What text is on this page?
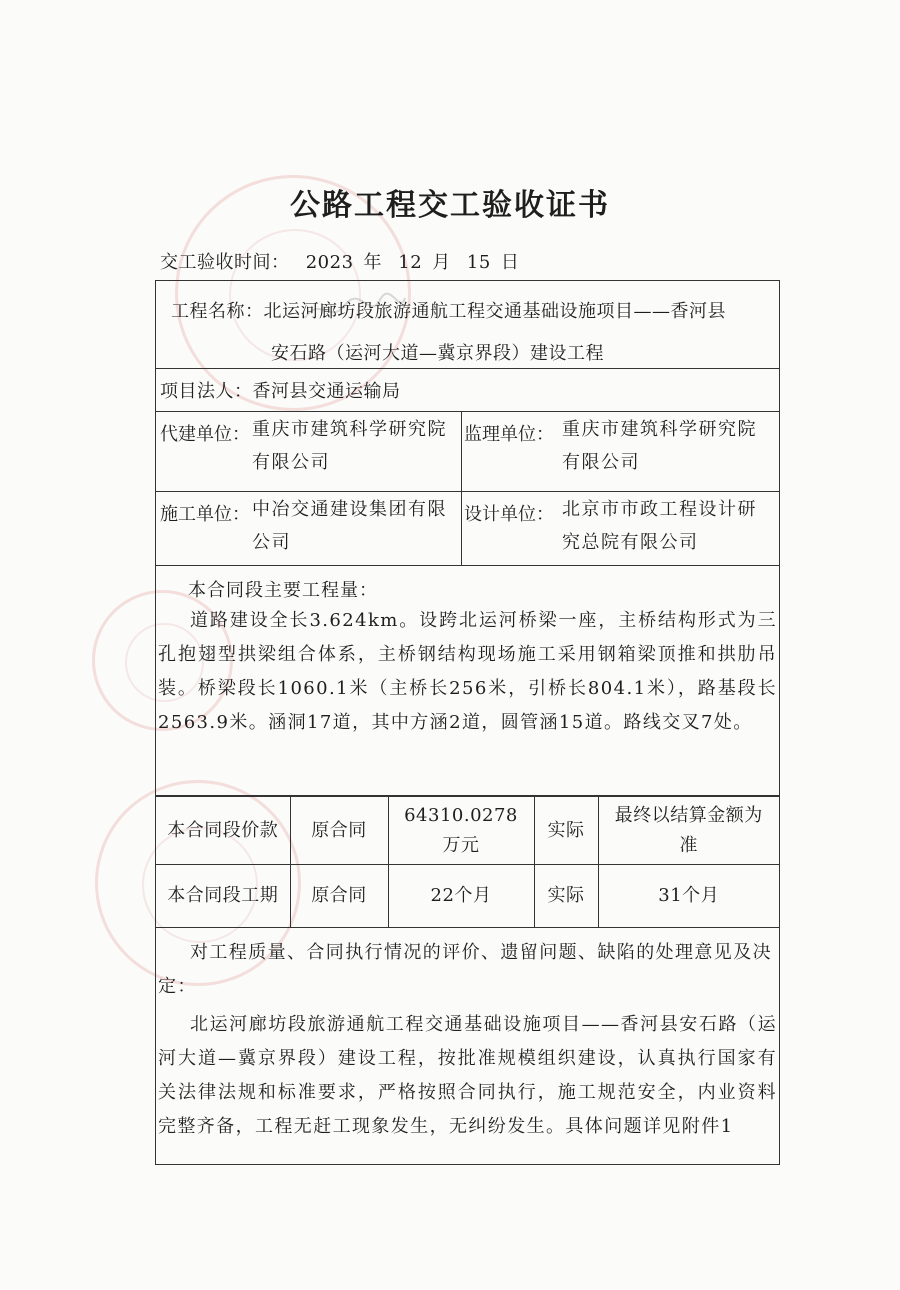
公路工程交工验收证书
交工验收时间： 2023 年 12 月 15 日
工程名称：北运河廊坊段旅游通航工程交通基础设施项目——香河县
安石路（运河大道—冀京界段）建设工程
项目法人：香河县交通运输局
代建单位： 重庆市建筑科学研究院有限公司
监理单位： 重庆市建筑科学研究院有限公司
施工单位： 中冶交通建设集团有限公司
设计单位： 北京市市政工程设计研究总院有限公司
本合同段主要工程量：
道路建设全长3.624km。设跨北运河桥梁一座，主桥结构形式为三孔抱翅型拱梁组合体系，主桥钢结构现场施工采用钢箱梁顶推和拱肋吊装。桥梁段长1060.1米（主桥长256米，引桥长804.1米），路基段长2563.9米。涵洞17道，其中方涵2道，圆管涵15道。路线交叉7处。
本合同段价款	原合同	64310.0278万元	实际	最终以结算金额为准
本合同段工期	原合同	22个月	实际	31个月
对工程质量、合同执行情况的评价、遗留问题、缺陷的处理意见及决定：
北运河廊坊段旅游通航工程交通基础设施项目——香河县安石路（运河大道—冀京界段）建设工程，按批准规模组织建设，认真执行国家有关法律法规和标准要求，严格按照合同执行，施工规范安全，内业资料完整齐备，工程无赶工现象发生，无纠纷发生。具体问题详见附件1
